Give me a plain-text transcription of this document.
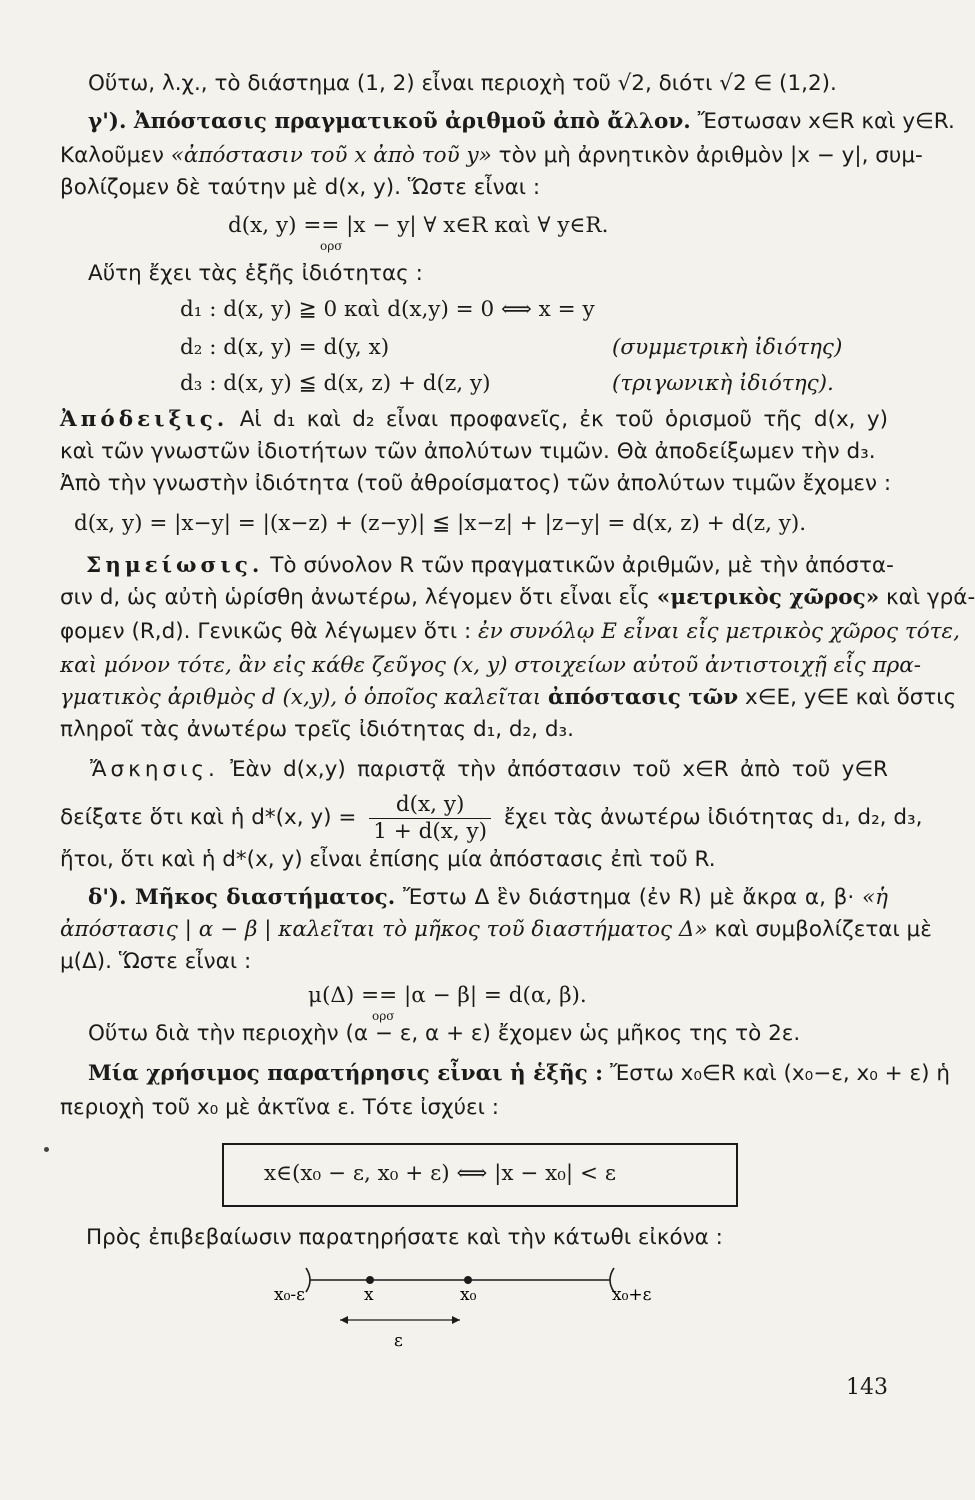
Οὕτω, λ.χ., τὸ διάστημα (1, 2) εἶναι περιοχὴ τοῦ √2, διότι √2 ∈ (1,2).
γ'). Ἀπόστασις πραγματικοῦ ἀριθμοῦ ἀπὸ ἄλλον. Ἔστωσαν x∈R καὶ y∈R.
Καλοῦμεν «ἀπόστασιν τοῦ x ἀπὸ τοῦ y» τὸν μὴ ἀρνητικὸν ἀριθμὸν |x − y|, συμ-
βολίζομεν δὲ ταύτην μὲ d(x, y). Ὥστε εἶναι :
d(x, y) == |x − y| ∀ x∈R καὶ ∀ y∈R.
ορσ
Αὕτη ἔχει τὰς ἑξῆς ἰδιότητας :
d₁ : d(x, y) ≧ 0 καὶ d(x,y) = 0 ⟺ x = y
d₂ : d(x, y) = d(y, x)	(συμμετρικὴ ἰδιότης)
d₃ : d(x, y) ≦ d(x, z) + d(z, y)	(τριγωνικὴ ἰδιότης).
Ἀπόδειξις. Αἱ d₁ καὶ d₂ εἶναι προφανεῖς, ἐκ τοῦ ὁρισμοῦ τῆς d(x, y)
καὶ τῶν γνωστῶν ἰδιοτήτων τῶν ἀπολύτων τιμῶν. Θὰ ἀποδείξωμεν τὴν d₃.
Ἀπὸ τὴν γνωστὴν ἰδιότητα (τοῦ ἀθροίσματος) τῶν ἀπολύτων τιμῶν ἔχομεν :
d(x, y) = |x−y| = |(x−z) + (z−y)| ≦ |x−z| + |z−y| = d(x, z) + d(z, y).
Σημείωσις. Τὸ σύνολον R τῶν πραγματικῶν ἀριθμῶν, μὲ τὴν ἀπόστα-
σιν d, ὡς αὐτὴ ὡρίσθη ἀνωτέρω, λέγομεν ὅτι εἶναι εἷς «μετρικὸς χῶρος» καὶ γρά-
φομεν (R,d). Γενικῶς θὰ λέγωμεν ὅτι : ἐν συνόλῳ E εἶναι εἷς μετρικὸς χῶρος τότε,
καὶ μόνον τότε, ἂν εἰς κάθε ζεῦγος (x, y) στοιχείων αὐτοῦ ἀντιστοιχῇ εἷς πρα-
γματικὸς ἀριθμὸς d (x,y), ὁ ὁποῖος καλεῖται ἀπόστασις τῶν x∈E, y∈E καὶ ὅστις
πληροῖ τὰς ἀνωτέρω τρεῖς ἰδιότητας d₁, d₂, d₃.
Ἄσκησις. Ἐὰν d(x,y) παριστᾷ τὴν ἀπόστασιν τοῦ x∈R ἀπὸ τοῦ y∈R
δείξατε ὅτι καὶ ἡ d*(x, $y) = \frac{d(x, y)}{1 + d(x, y)}$ ἔχει τὰς ἀνωτέρω ἰδιότητας d₁, d₂, d₃,
ἤτοι, ὅτι καὶ ἡ d*(x, y) εἶναι ἐπίσης μία ἀπόστασις ἐπὶ τοῦ R.
δ'). Μῆκος διαστήματος. Ἔστω Δ ἓν διάστημα (ἐν R) μὲ ἄκρα α, β· «ἡ
ἀπόστασις | α − β | καλεῖται τὸ μῆκος τοῦ διαστήματος Δ» καὶ συμβολίζεται μὲ
μ(Δ). Ὥστε εἶναι :
μ(Δ) == |α − β| = d(α, β).
ορσ
Οὕτω διὰ τὴν περιοχὴν (α − ε, α + ε) ἔχομεν ὡς μῆκος της τὸ 2ε.
Μία χρήσιμος παρατήρησις εἶναι ἡ ἑξῆς : Ἔστω x₀∈R καὶ (x₀−ε, x₀ + ε) ἡ
περιοχὴ τοῦ x₀ μὲ ἀκτῖνα ε. Τότε ἰσχύει :
x∈(x₀ − ε, x₀ + ε) ⟺ |x − x₀| < ε
Πρὸς ἐπιβεβαίωσιν παρατηρήσατε καὶ τὴν κάτωθι εἰκόνα :
x₀-ε	x	x₀	x₀+ε
ε
143
